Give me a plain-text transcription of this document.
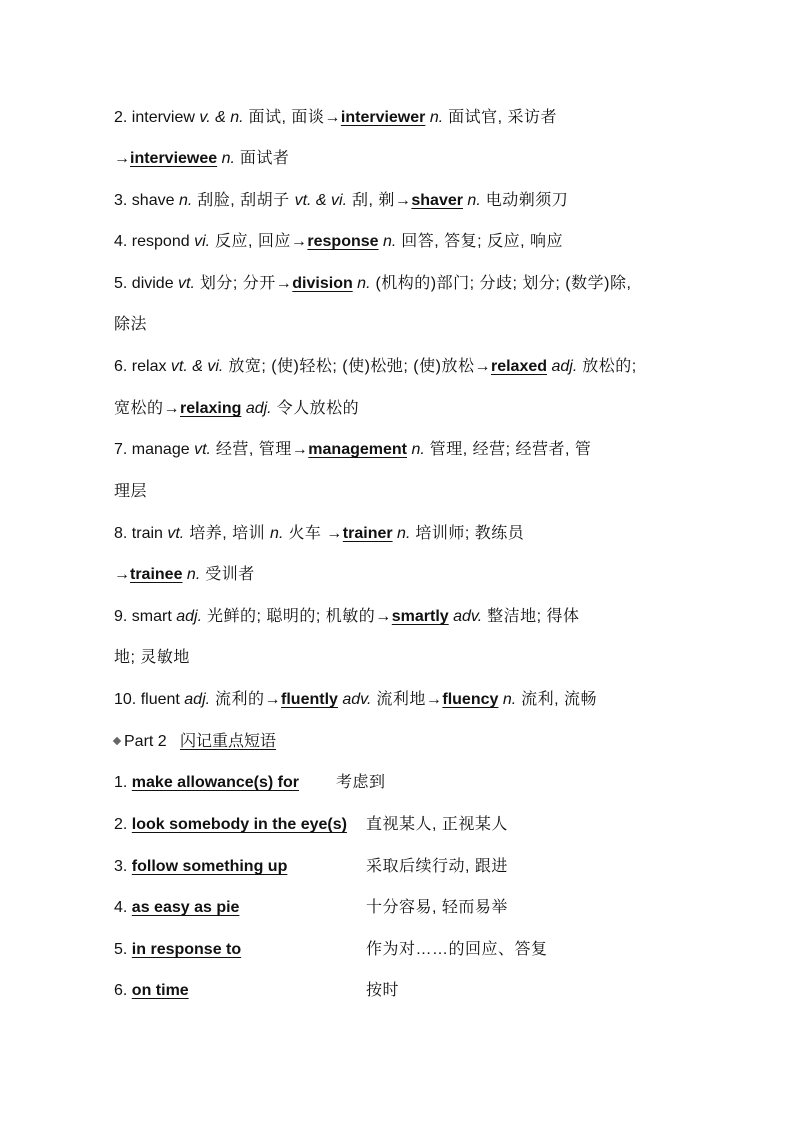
2. interview v. & n. 面试, 面谈→interviewer n. 面试官, 采访者
→interviewee n. 面试者
3. shave n. 刮脸, 刮胡子 vt. & vi. 刮, 剃→shaver n. 电动剃须刀
4. respond vi. 反应, 回应→response n. 回答, 答复; 反应, 响应
5. divide vt. 划分; 分开→division n. (机构的)部门; 分歧; 划分; (数学)除,
除法
6. relax vt. & vi. 放宽; (使)轻松; (使)松弛; (使)放松→relaxed adj. 放松的;
宽松的→relaxing adj. 令人放松的
7. manage vt. 经营, 管理→management n. 管理, 经营; 经营者, 管
理层
8. train vt. 培养, 培训 n. 火车 →trainer n. 培训师; 教练员
→trainee n. 受训者
9. smart adj. 光鲜的; 聪明的; 机敏的→smartly adv. 整洁地; 得体
地; 灵敏地
10. fluent adj. 流利的→fluently adv. 流利地→fluency n. 流利, 流畅
Part 2 闪记重点短语
1. make allowance(s) for 考虑到
2. look somebody in the eye(s) 直视某人, 正视某人
3. follow something up	采取后续行动, 跟进
4. as easy as pie	十分容易, 轻而易举
5. in response to	作为对……的回应、答复
6. on time	按时
